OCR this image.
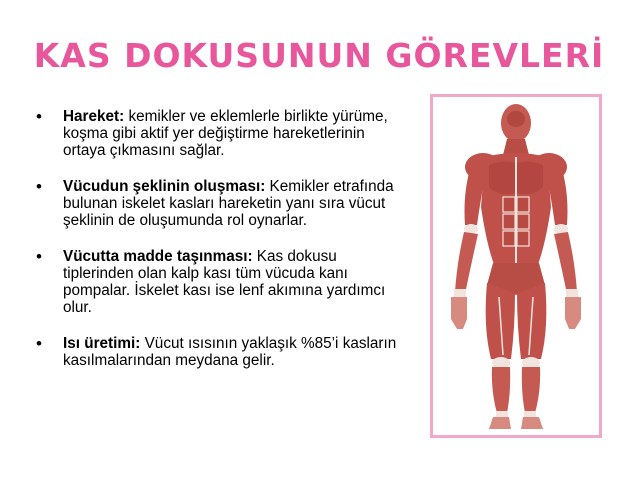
KAS DOKUSUNUN GÖREVLERİ
• Hareket: kemikler ve eklemlerle birlikte yürüme, koşma gibi aktif yer değiştirme hareketlerinin ortaya çıkmasını sağlar.
• Vücudun şeklinin oluşması: Kemikler etrafında bulunan iskelet kasları hareketin yanı sıra vücut şeklinin de oluşumunda rol oynarlar.
• Vücutta madde taşınması: Kas dokusu tiplerinden olan kalp kası tüm vücuda kanı pompalar. İskelet kası ise lenf akımına yardımcı olur.
• Isı üretimi: Vücut ısısının yaklaşık %85’i kasların kasılmalarından meydana gelir.
